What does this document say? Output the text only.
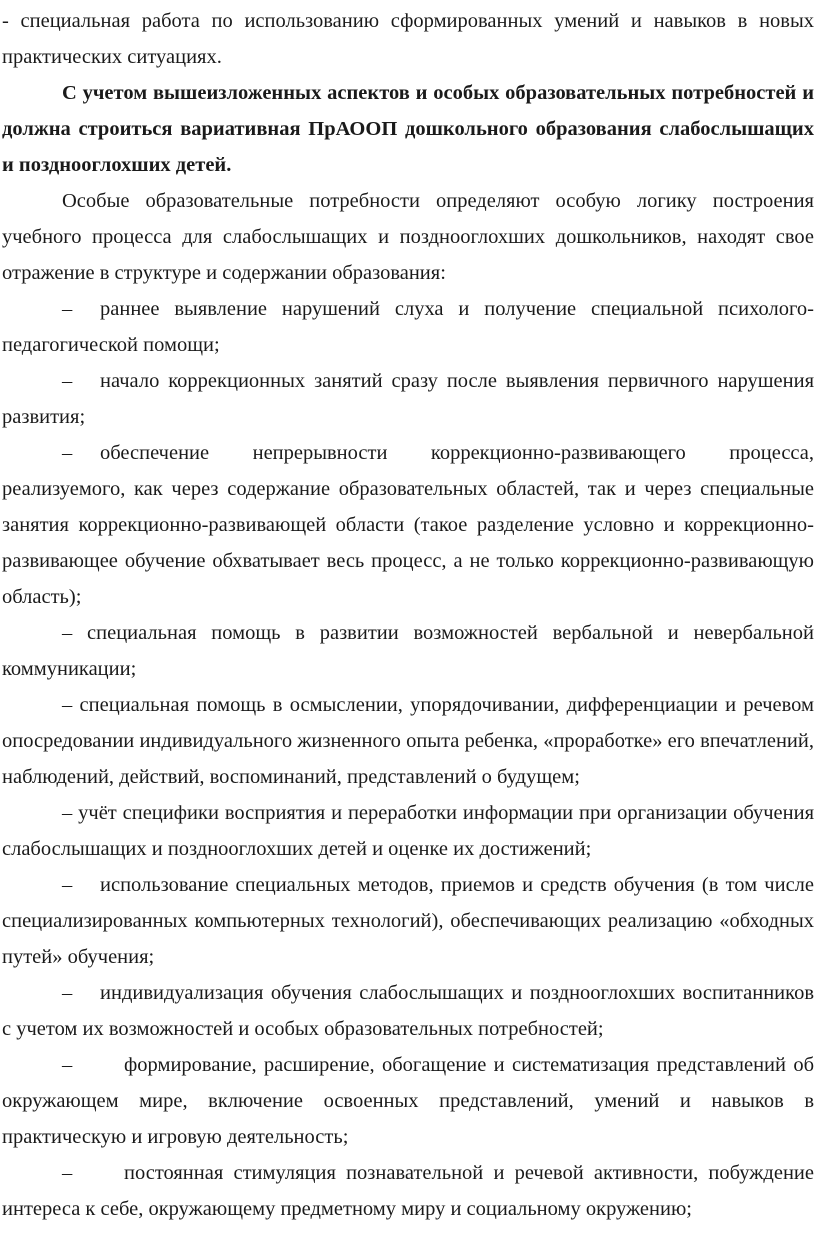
- специальная работа по использованию сформированных умений и навыков в новых практических ситуациях.

С учетом вышеизложенных аспектов и особых образовательных потребностей и должна строиться вариативная ПрАООП дошкольного образования слабослышащих и позднооглохших детей.

Особые образовательные потребности определяют особую логику построения учебного процесса для слабослышащих и позднооглохших дошкольников, находят свое отражение в структуре и содержании образования:

– раннее выявление нарушений слуха и получение специальной психолого-педагогической помощи;

– начало коррекционных занятий сразу после выявления первичного нарушения развития;

– обеспечение непрерывности коррекционно-развивающего процесса, реализуемого, как через содержание образовательных областей, так и через специальные занятия коррекционно-развивающей области (такое разделение условно и коррекционно-развивающее обучение обхватывает весь процесс, а не только коррекционно-развивающую область);

– специальная помощь в развитии возможностей вербальной и невербальной коммуникации;

– специальная помощь в осмыслении, упорядочивании, дифференциации и речевом опосредовании индивидуального жизненного опыта ребенка, «проработке» его впечатлений, наблюдений, действий, воспоминаний, представлений о будущем;

– учёт специфики восприятия и переработки информации при организации обучения слабослышащих и позднооглохших детей и оценке их достижений;

– использование специальных методов, приемов и средств обучения (в том числе специализированных компьютерных технологий), обеспечивающих реализацию «обходных путей» обучения;

– индивидуализация обучения слабослышащих и позднооглохших воспитанников с учетом их возможностей и особых образовательных потребностей;

–	формирование, расширение, обогащение и систематизация представлений об окружающем мире, включение освоенных представлений, умений и навыков в практическую и игровую деятельность;

–	постоянная стимуляция познавательной и речевой активности, побуждение интереса к себе, окружающему предметному миру и социальному окружению;
